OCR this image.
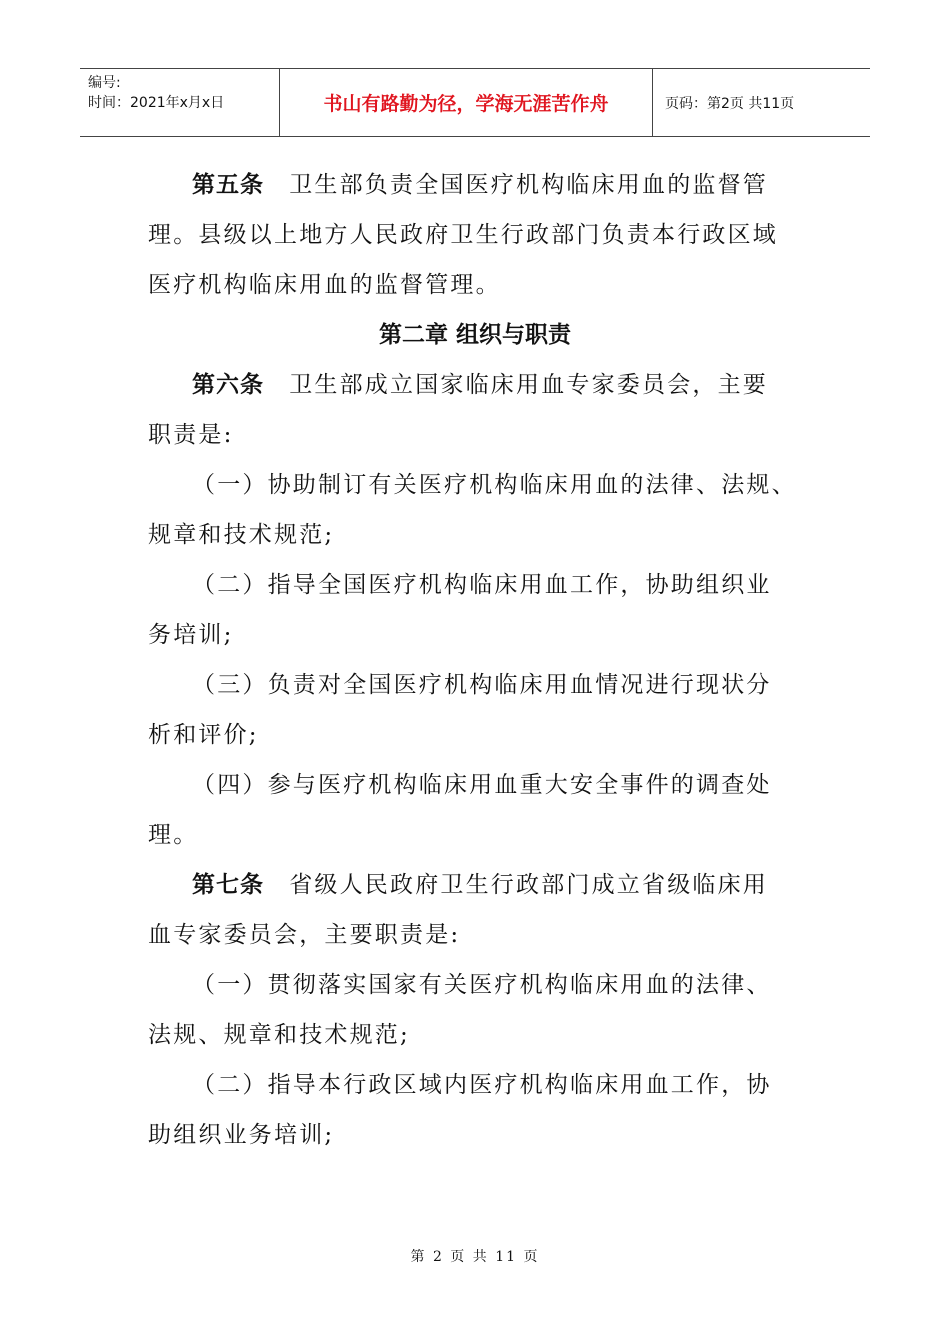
编号:
时间：2021年x月x日	书山有路勤为径，学海无涯苦作舟	页码：第2页 共11页

第五条　 卫生部负责全国医疗机构临床用血的监督管

理。县级以上地方人民政府卫生行政部门负责本行政区域

医疗机构临床用血的监督管理。

第二章 组织与职责

第六条　 卫生部成立国家临床用血专家委员会，主要

职责是:

（一）协助制订有关医疗机构临床用血的法律、法规、

规章和技术规范;

（二）指导全国医疗机构临床用血工作，协助组织业

务培训;

（三）负责对全国医疗机构临床用血情况进行现状分

析和评价;

（四）参与医疗机构临床用血重大安全事件的调查处

理。

第七条　 省级人民政府卫生行政部门成立省级临床用

血专家委员会，主要职责是:

（一）贯彻落实国家有关医疗机构临床用血的法律、

法规、规章和技术规范;

（二）指导本行政区域内医疗机构临床用血工作，协

助组织业务培训;

第 2 页 共 11 页
